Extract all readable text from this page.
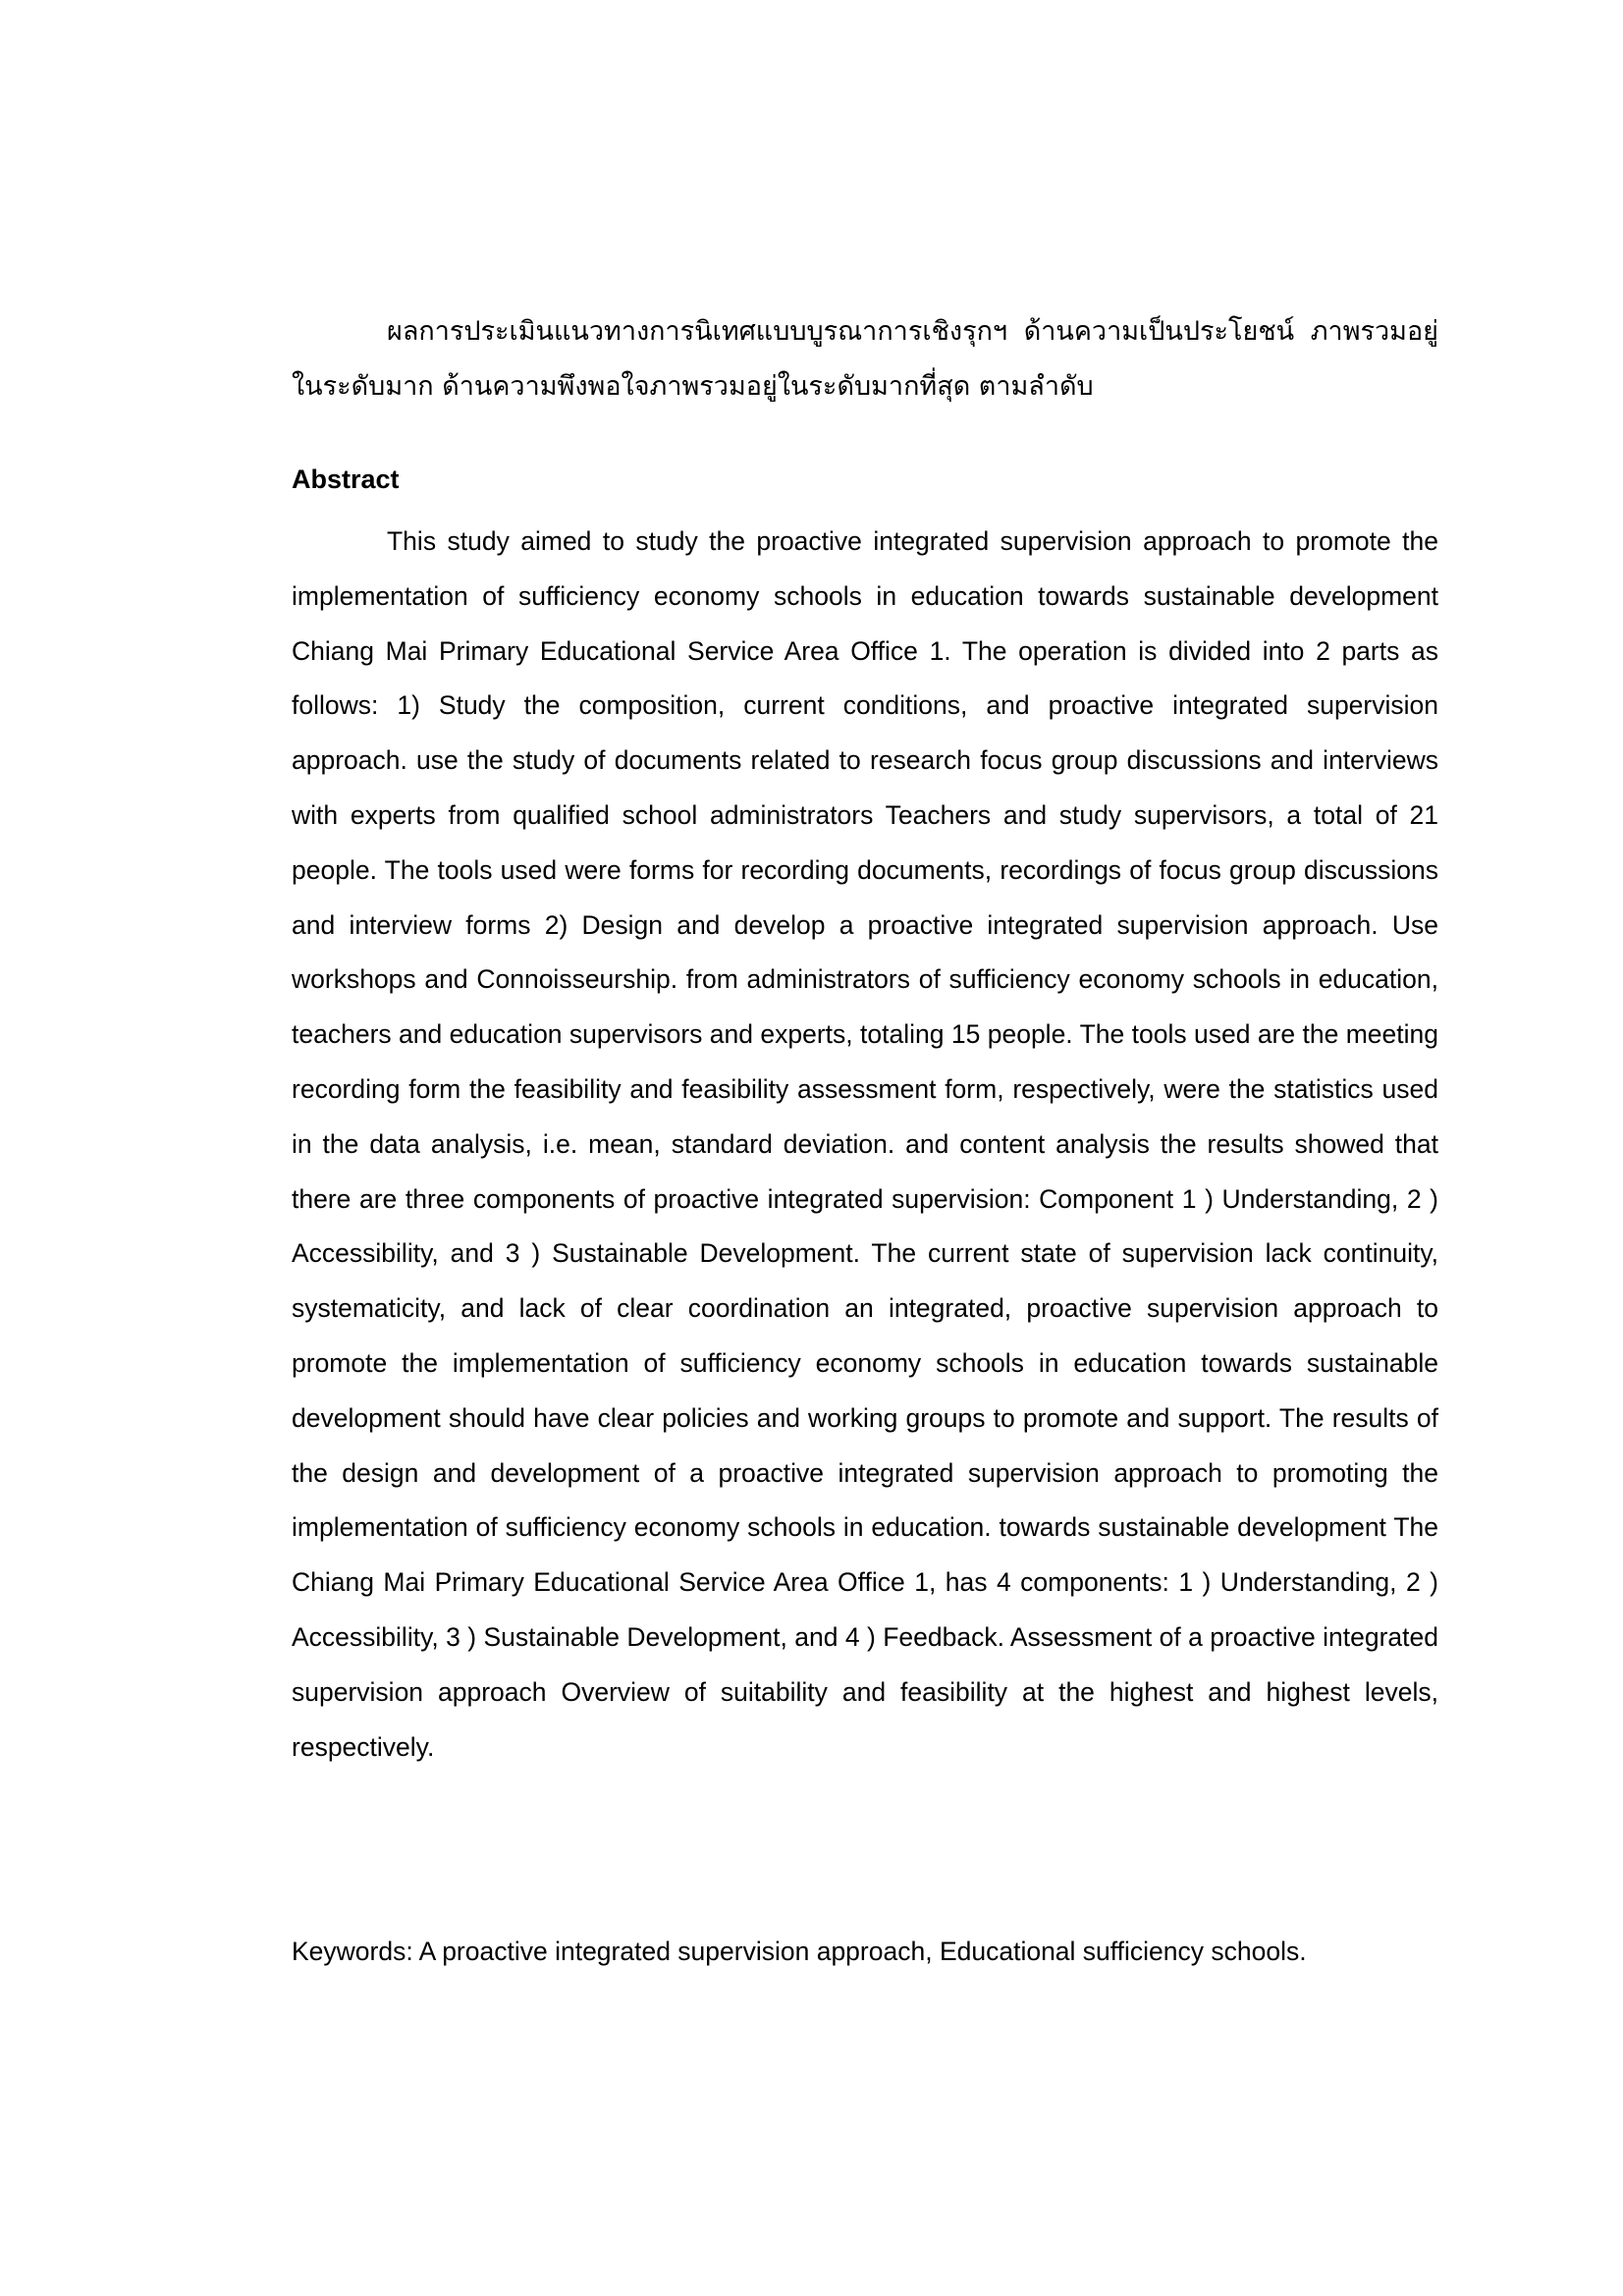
ผลการประเมินแนวทางการนิเทศแบบบูรณาการเชิงรุกฯ ด้านความเป็นประโยชน์ ภาพรวมอยู่ในระดับมาก ด้านความพึงพอใจภาพรวมอยู่ในระดับมากที่สุด ตามลำดับ

Abstract

This study aimed to study the proactive integrated supervision approach to promote the implementation of sufficiency economy schools in education towards sustainable development Chiang Mai Primary Educational Service Area Office 1. The operation is divided into 2 parts as follows: 1) Study the composition, current conditions, and proactive integrated supervision approach. use the study of documents related to research focus group discussions and interviews with experts from qualified school administrators Teachers and study supervisors, a total of 21 people. The tools used were forms for recording documents, recordings of focus group discussions and interview forms 2) Design and develop a proactive integrated supervision approach. Use workshops and Connoisseurship. from administrators of sufficiency economy schools in education, teachers and education supervisors and experts, totaling 15 people. The tools used are the meeting recording form the feasibility and feasibility assessment form, respectively, were the statistics used in the data analysis, i.e. mean, standard deviation. and content analysis the results showed that there are three components of proactive integrated supervision: Component 1 ) Understanding, 2 ) Accessibility, and 3 ) Sustainable Development. The current state of supervision lack continuity, systematicity, and lack of clear coordination an integrated, proactive supervision approach to promote the implementation of sufficiency economy schools in education towards sustainable development should have clear policies and working groups to promote and support. The results of the design and development of a proactive integrated supervision approach to promoting the implementation of sufficiency economy schools in education. towards sustainable development The Chiang Mai Primary Educational Service Area Office 1, has 4 components: 1 ) Understanding, 2 ) Accessibility, 3 ) Sustainable Development, and 4 ) Feedback. Assessment of a proactive integrated supervision approach Overview of suitability and feasibility at the highest and highest levels, respectively.

Keywords: A proactive integrated supervision approach, Educational sufficiency schools.
